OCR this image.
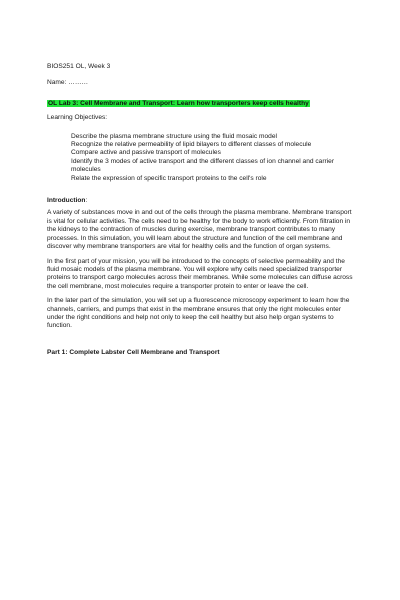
BIOS251 OL, Week 3
Name: ………
OL Lab 3: Cell Membrane and Transport: Learn how transporters keep cells healthy
Learning Objectives:
Describe the plasma membrane structure using the fluid mosaic model
Recognize the relative permeability of lipid bilayers to different classes of molecule
Compare active and passive transport of molecules
Identify the 3 modes of active transport and the different classes of ion channel and carrier molecules
Relate the expression of specific transport proteins to the cell's role
Introduction:

A variety of substances move in and out of the cells through the plasma membrane. Membrane transport is vital for cellular activities. The cells need to be healthy for the body to work efficiently. From filtration in the kidneys to the contraction of muscles during exercise, membrane transport contributes to many processes. In this simulation, you will learn about the structure and function of the cell membrane and discover why membrane transporters are vital for healthy cells and the function of organ systems.

In the first part of your mission, you will be introduced to the concepts of selective permeability and the fluid mosaic models of the plasma membrane. You will explore why cells need specialized transporter proteins to transport cargo molecules across their membranes. While some molecules can diffuse across the cell membrane, most molecules require a transporter protein to enter or leave the cell.

In the later part of the simulation, you will set up a fluorescence microscopy experiment to learn how the channels, carriers, and pumps that exist in the membrane ensures that only the right molecules enter under the right conditions and help not only to keep the cell healthy but also help organ systems to function.

Part 1: Complete Labster Cell Membrane and Transport
